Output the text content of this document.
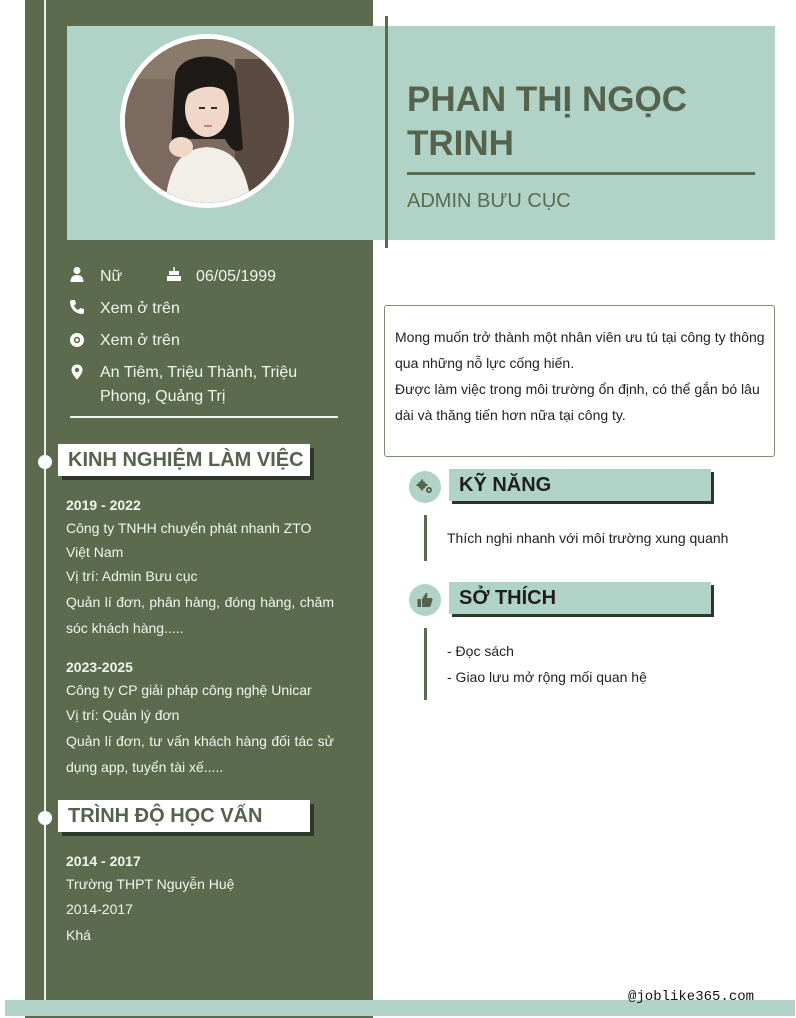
PHAN THỊ NGỌC TRINH
ADMIN BƯU CỤC
Nữ	06/05/1999
Xem ở trên
Xem ở trên
An Tiêm, Triệu Thành, Triệu Phong, Quảng Trị
KINH NGHIỆM LÀM VIỆC
2019 - 2022
Công ty TNHH chuyển phát nhanh ZTO Việt Nam
Vị trí: Admin Bưu cục
Quản lí đơn, phân hàng, đóng hàng, chăm sóc khách hàng.....
2023-2025
Công ty CP giải pháp công nghệ Unicar
Vị trí: Quản lý đơn
Quản lí đơn, tư vấn khách hàng đối tác sử dụng app, tuyển tài xế.....
TRÌNH ĐỘ HỌC VẤN
2014 - 2017
Trường THPT Nguyễn Huệ
2014-2017
Khá
Mong muốn trở thành một nhân viên ưu tú tại công ty thông qua những nỗ lực cống hiến.
Được làm việc trong môi trường ổn định, có thể gắn bó lâu dài và thăng tiến hơn nữa tại công ty.
KỸ NĂNG
Thích nghi nhanh với môi trường xung quanh
SỞ THÍCH
- Đọc sách
- Giao lưu mở rộng mối quan hệ
@joblike365.com
